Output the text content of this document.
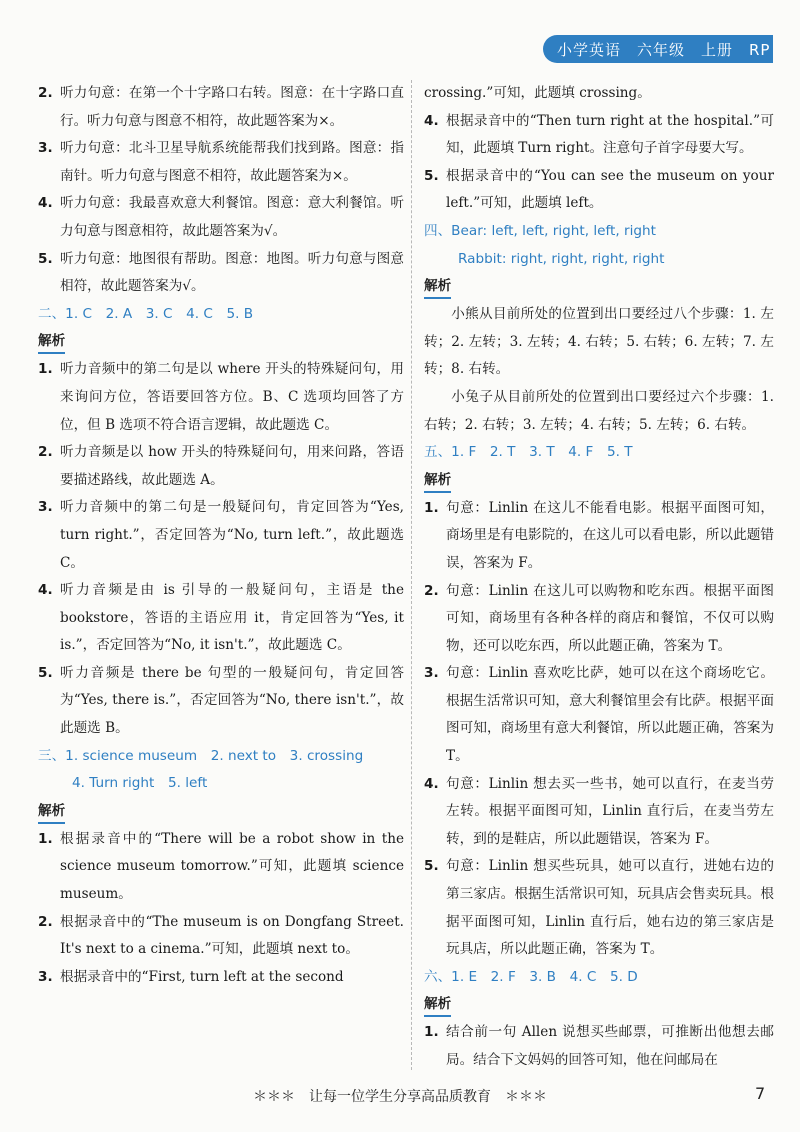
小学英语　六年级　上册　RP
2. 听力句意：在第一个十字路口右转。图意：在十字路口直行。听力句意与图意不相符，故此题答案为×。
3. 听力句意：北斗卫星导航系统能帮我们找到路。图意：指南针。听力句意与图意不相符，故此题答案为×。
4. 听力句意：我最喜欢意大利餐馆。图意：意大利餐馆。听力句意与图意相符，故此题答案为√。
5. 听力句意：地图很有帮助。图意：地图。听力句意与图意相符，故此题答案为√。

二、1. C　2. A　3. C　4. C　5. B

解析
1. 听力音频中的第二句是以 where 开头的特殊疑问句，用来询问方位，答语要回答方位。B、C 选项均回答了方位，但 B 选项不符合语言逻辑，故此题选 C。
2. 听力音频是以 how 开头的特殊疑问句，用来问路，答语要描述路线，故此题选 A。
3. 听力音频中的第二句是一般疑问句，肯定回答为“Yes, turn right.”，否定回答为“No, turn left.”，故此题选 C。
4. 听力音频是由 is 引导的一般疑问句，主语是 the bookstore，答语的主语应用 it，肯定回答为“Yes, it is.”，否定回答为“No, it isn't.”，故此题选 C。
5. 听力音频是 there be 句型的一般疑问句，肯定回答为“Yes, there is.”，否定回答为“No, there isn't.”，故此题选 B。

三、1. science museum　2. next to　3. crossing
4. Turn right　5. left

解析
1. 根据录音中的“There will be a robot show in the science museum tomorrow.”可知，此题填 science museum。
2. 根据录音中的“The museum is on Dongfang Street. It's next to a cinema.”可知，此题填 next to。
3. 根据录音中的“First, turn left at the second

crossing.”可知，此题填 crossing。

4. 根据录音中的“Then turn right at the hospital.”可知，此题填 Turn right。注意句子首字母要大写。
5. 根据录音中的“You can see the museum on your left.”可知，此题填 left。

四、Bear: left, left, right, left, right
Rabbit: right, right, right, right

解析

小熊从目前所处的位置到出口要经过八个步骤：1. 左转；2. 左转；3. 左转；4. 右转；5. 右转；6. 左转；7. 左转；8. 右转。

小兔子从目前所处的位置到出口要经过六个步骤：1. 右转；2. 右转；3. 左转；4. 右转；5. 左转；6. 右转。

五、1. F　2. T　3. T　4. F　5. T

解析
1. 句意：Linlin 在这儿不能看电影。根据平面图可知，商场里是有电影院的，在这儿可以看电影，所以此题错误，答案为 F。
2. 句意：Linlin 在这儿可以购物和吃东西。根据平面图可知，商场里有各种各样的商店和餐馆，不仅可以购物，还可以吃东西，所以此题正确，答案为 T。
3. 句意：Linlin 喜欢吃比萨，她可以在这个商场吃它。根据生活常识可知，意大利餐馆里会有比萨。根据平面图可知，商场里有意大利餐馆，所以此题正确，答案为 T。
4. 句意：Linlin 想去买一些书，她可以直行，在麦当劳左转。根据平面图可知，Linlin 直行后，在麦当劳左转，到的是鞋店，所以此题错误，答案为 F。
5. 句意：Linlin 想买些玩具，她可以直行，进她右边的第三家店。根据生活常识可知，玩具店会售卖玩具。根据平面图可知，Linlin 直行后，她右边的第三家店是玩具店，所以此题正确，答案为 T。

六、1. E　2. F　3. B　4. C　5. D

解析
1. 结合前一句 Allen 说想买些邮票，可推断出他想去邮局。结合下文妈妈的回答可知，他在问邮局在
＊＊＊　让每一位学生分享高品质教育　＊＊＊	7
